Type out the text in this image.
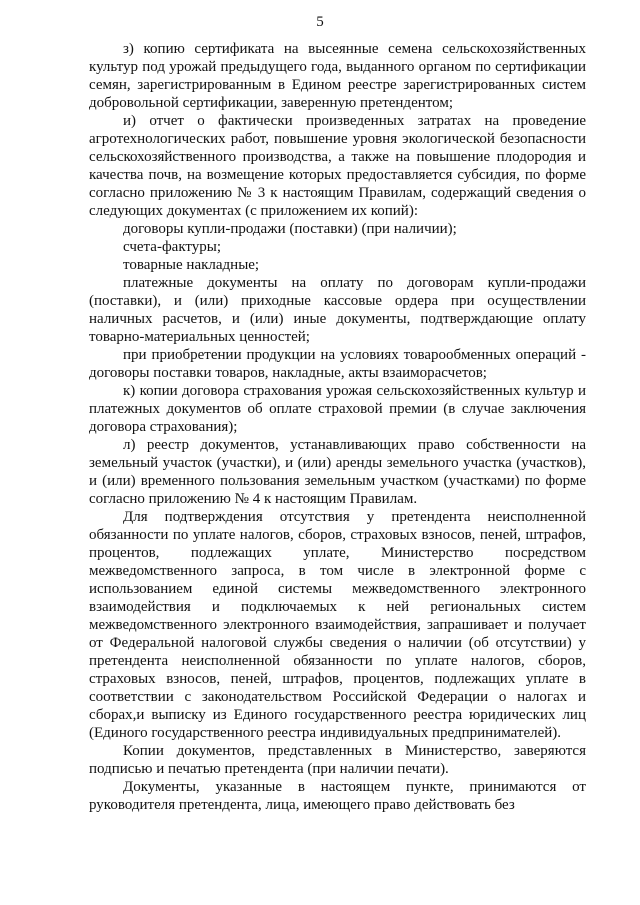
5

з) копию сертификата на высеянные семена сельскохозяйственных культур под урожай предыдущего года, выданного органом по сертификации семян, зарегистрированным в Едином реестре зарегистрированных систем добровольной сертификации, заверенную претендентом;

и) отчет о фактически произведенных затратах на проведение агротехнологических работ, повышение уровня экологической безопасности сельскохозяйственного производства, а также на повышение плодородия и качества почв, на возмещение которых предоставляется субсидия, по форме согласно приложению № 3 к настоящим Правилам, содержащий сведения о следующих документах (с приложением их копий):

договоры купли-продажи (поставки) (при наличии);

счета-фактуры;

товарные накладные;

платежные документы на оплату по договорам купли-продажи (поставки), и (или) приходные кассовые ордера при осуществлении наличных расчетов, и (или) иные документы, подтверждающие оплату товарно-материальных ценностей;

при приобретении продукции на условиях товарообменных операций - договоры поставки товаров, накладные, акты взаиморасчетов;

к) копии договора страхования урожая сельскохозяйственных культур и платежных документов об оплате страховой премии (в случае заключения договора страхования);

л) реестр документов, устанавливающих право собственности на земельный участок (участки), и (или) аренды земельного участка (участков), и (или) временного пользования земельным участком (участками) по форме согласно приложению № 4 к настоящим Правилам.

Для подтверждения отсутствия у претендента неисполненной обязанности по уплате налогов, сборов, страховых взносов, пеней, штрафов, процентов, подлежащих уплате, Министерство посредством межведомственного запроса, в том числе в электронной форме с использованием единой системы межведомственного электронного взаимодействия и подключаемых к ней региональных систем межведомственного электронного взаимодействия, запрашивает и получает от Федеральной налоговой службы сведения о наличии (об отсутствии) у претендента неисполненной обязанности по уплате налогов, сборов, страховых взносов, пеней, штрафов, процентов, подлежащих уплате в соответствии с законодательством Российской Федерации о налогах и сборах,и выписку из Единого государственного реестра юридических лиц (Единого государственного реестра индивидуальных предпринимателей).

Копии документов, представленных в Министерство, заверяются подписью и печатью претендента (при наличии печати).

Документы, указанные в настоящем пункте, принимаются от руководителя претендента, лица, имеющего право действовать без
